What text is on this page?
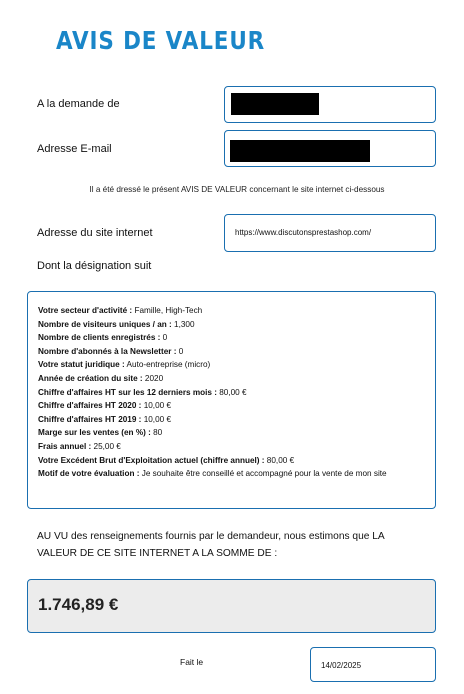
AVIS DE VALEUR
A la demande de
Adresse E-mail
Il a été dressé le présent AVIS DE VALEUR concernant le site internet ci-dessous
Adresse du site internet	https://www.discutonsprestashop.com/
Dont la désignation suit
Votre secteur d'activité : Famille, High-Tech
Nombre de visiteurs uniques / an : 1,300
Nombre de clients enregistrés : 0
Nombre d'abonnés à la Newsletter : 0
Votre statut juridique : Auto-entreprise (micro)
Année de création du site : 2020
Chiffre d'affaires HT sur les 12 derniers mois : 80,00 €
Chiffre d'affaires HT 2020 : 10,00 €
Chiffre d'affaires HT 2019 : 10,00 €
Marge sur les ventes (en %) : 80
Frais annuel : 25,00 €
Votre Excédent Brut d'Exploitation actuel (chiffre annuel) : 80,00 €
Motif de votre évaluation : Je souhaite être conseillé et accompagné pour la vente de mon site
AU VU des renseignements fournis par le demandeur, nous estimons que LA VALEUR DE CE SITE INTERNET A LA SOMME DE :
1.746,89 €
Fait le	14/02/2025
